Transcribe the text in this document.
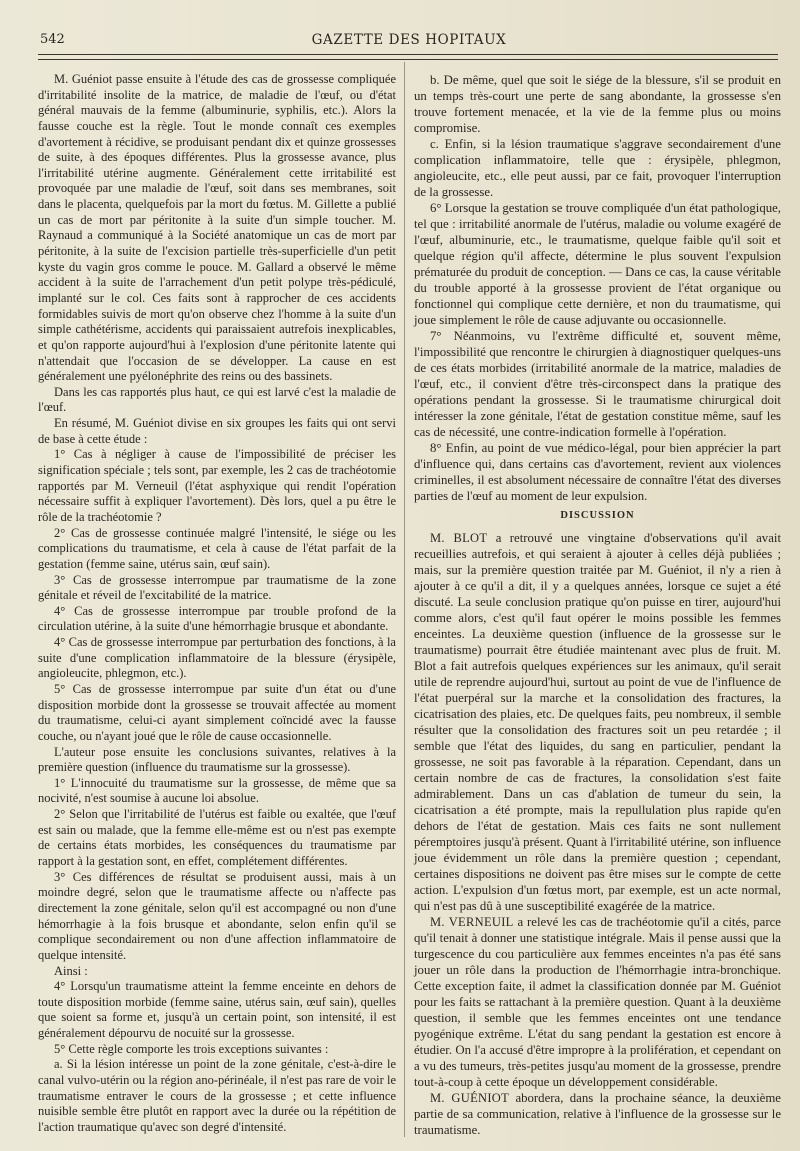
542	GAZETTE DES HOPITAUX

M. Guéniot passe ensuite à l'étude des cas de grossesse compliquée d'irritabilité insolite de la matrice, de maladie de l'œuf, ou d'état général mauvais de la femme (albuminurie, syphilis, etc.). Alors la fausse couche est la règle. Tout le monde connaît ces exemples d'avortement à récidive, se produisant pendant dix et quinze grossesses de suite, à des époques différentes. Plus la grossesse avance, plus l'irritabilité utérine augmente. Généralement cette irritabilité est provoquée par une maladie de l'œuf, soit dans ses membranes, soit dans le placenta, quelquefois par la mort du fœtus. M. Gillette a publié un cas de mort par péritonite à la suite d'un simple toucher. M. Raynaud a communiqué à la Société anatomique un cas de mort par péritonite, à la suite de l'excision partielle très-superficielle d'un petit kyste du vagin gros comme le pouce. M. Gallard a observé le même accident à la suite de l'arrachement d'un petit polype très-pédiculé, implanté sur le col. Ces faits sont à rapprocher de ces accidents formidables suivis de mort qu'on observe chez l'homme à la suite d'un simple cathétérisme, accidents qui paraissaient autrefois inexplicables, et qu'on rapporte aujourd'hui à l'explosion d'une péritonite latente qui n'attendait que l'occasion de se développer. La cause en est généralement une pyélonéphrite des reins ou des bassinets.

Dans les cas rapportés plus haut, ce qui est larvé c'est la maladie de l'œuf.

En résumé, M. Guéniot divise en six groupes les faits qui ont servi de base à cette étude :

1° Cas à négliger à cause de l'impossibilité de préciser les signification spéciale ; tels sont, par exemple, les 2 cas de trachéotomie rapportés par M. Verneuil (l'état asphyxique qui rendit l'opération nécessaire suffit à expliquer l'avortement). Dès lors, quel a pu être le rôle de la trachéotomie ?

2° Cas de grossesse continuée malgré l'intensité, le siége ou les complications du traumatisme, et cela à cause de l'état parfait de la gestation (femme saine, utérus sain, œuf sain).

3° Cas de grossesse interrompue par traumatisme de la zone génitale et réveil de l'excitabilité de la matrice.

4° Cas de grossesse interrompue par trouble profond de la circulation utérine, à la suite d'une hémorrhagie brusque et abondante.

4° Cas de grossesse interrompue par perturbation des fonctions, à la suite d'une complication inflammatoire de la blessure (érysipèle, angioleucite, phlegmon, etc.).

5° Cas de grossesse interrompue par suite d'un état ou d'une disposition morbide dont la grossesse se trouvait affectée au moment du traumatisme, celui-ci ayant simplement coïncidé avec la fausse couche, ou n'ayant joué que le rôle de cause occasionnelle.

L'auteur pose ensuite les conclusions suivantes, relatives à la première question (influence du traumatisme sur la grossesse).

1° L'innocuité du traumatisme sur la grossesse, de même que sa nocivité, n'est soumise à aucune loi absolue.

2° Selon que l'irritabilité de l'utérus est faible ou exaltée, que l'œuf est sain ou malade, que la femme elle-même est ou n'est pas exempte de certains états morbides, les conséquences du traumatisme par rapport à la gestation sont, en effet, complétement différentes.

3° Ces différences de résultat se produisent aussi, mais à un moindre degré, selon que le traumatisme affecte ou n'affecte pas directement la zone génitale, selon qu'il est accompagné ou non d'une hémorrhagie à la fois brusque et abondante, selon enfin qu'il se complique secondairement ou non d'une affection inflammatoire de quelque intensité.

Ainsi :

4° Lorsqu'un traumatisme atteint la femme enceinte en dehors de toute disposition morbide (femme saine, utérus sain, œuf sain), quelles que soient sa forme et, jusqu'à un certain point, son intensité, il est généralement dépourvu de nocuité sur la grossesse.

5° Cette règle comporte les trois exceptions suivantes :

a. Si la lésion intéresse un point de la zone génitale, c'est-à-dire le canal vulvo-utérin ou la région ano-périnéale, il n'est pas rare de voir le traumatisme entraver le cours de la grossesse ; et cette influence nuisible semble être plutôt en rapport avec la durée ou la répétition de l'action traumatique qu'avec son degré d'intensité.

b. De même, quel que soit le siége de la blessure, s'il se produit en un temps très-court une perte de sang abondante, la grossesse s'en trouve fortement menacée, et la vie de la femme plus ou moins compromise.

c. Enfin, si la lésion traumatique s'aggrave secondairement d'une complication inflammatoire, telle que : érysipèle, phlegmon, angioleucite, etc., elle peut aussi, par ce fait, provoquer l'interruption de la grossesse.

6° Lorsque la gestation se trouve compliquée d'un état pathologique, tel que : irritabilité anormale de l'utérus, maladie ou volume exagéré de l'œuf, albuminurie, etc., le traumatisme, quelque faible qu'il soit et quelque région qu'il affecte, détermine le plus souvent l'expulsion prématurée du produit de conception. — Dans ce cas, la cause véritable du trouble apporté à la grossesse provient de l'état organique ou fonctionnel qui complique cette dernière, et non du traumatisme, qui joue simplement le rôle de cause adjuvante ou occasionnelle.

7° Néanmoins, vu l'extrême difficulté et, souvent même, l'impossibilité que rencontre le chirurgien à diagnostiquer quelques-uns de ces états morbides (irritabilité anormale de la matrice, maladies de l'œuf, etc., il convient d'être très-circonspect dans la pratique des opérations pendant la grossesse. Si le traumatisme chirurgical doit intéresser la zone génitale, l'état de gestation constitue même, sauf les cas de nécessité, une contre-indication formelle à l'opération.

8° Enfin, au point de vue médico-légal, pour bien apprécier la part d'influence qui, dans certains cas d'avortement, revient aux violences criminelles, il est absolument nécessaire de connaître l'état des diverses parties de l'œuf au moment de leur expulsion.

DISCUSSION

M. BLOT a retrouvé une vingtaine d'observations qu'il avait recueillies autrefois, et qui seraient à ajouter à celles déjà publiées ; mais, sur la première question traitée par M. Guéniot, il n'y a rien à ajouter à ce qu'il a dit, il y a quelques années, lorsque ce sujet a été discuté. La seule conclusion pratique qu'on puisse en tirer, aujourd'hui comme alors, c'est qu'il faut opérer le moins possible les femmes enceintes. La deuxième question (influence de la grossesse sur le traumatisme) pourrait être étudiée maintenant avec plus de fruit. M. Blot a fait autrefois quelques expériences sur les animaux, qu'il serait utile de reprendre aujourd'hui, surtout au point de vue de l'influence de l'état puerpéral sur la marche et la consolidation des fractures, la cicatrisation des plaies, etc. De quelques faits, peu nombreux, il semble résulter que la consolidation des fractures soit un peu retardée ; il semble que l'état des liquides, du sang en particulier, pendant la grossesse, ne soit pas favorable à la réparation. Cependant, dans un certain nombre de cas de fractures, la consolidation s'est faite admirablement. Dans un cas d'ablation de tumeur du sein, la cicatrisation a été prompte, mais la repullulation plus rapide qu'en dehors de l'état de gestation. Mais ces faits ne sont nullement péremptoires jusqu'à présent. Quant à l'irritabilité utérine, son influence joue évidemment un rôle dans la première question ; cependant, certaines dispositions ne doivent pas être mises sur le compte de cette action. L'expulsion d'un fœtus mort, par exemple, est un acte normal, qui n'est pas dû à une susceptibilité exagérée de la matrice.

M. VERNEUIL a relevé les cas de trachéotomie qu'il a cités, parce qu'il tenait à donner une statistique intégrale. Mais il pense aussi que la turgescence du cou particulière aux femmes enceintes n'a pas été sans jouer un rôle dans la production de l'hémorrhagie intra-bronchique. Cette exception faite, il admet la classification donnée par M. Guéniot pour les faits se rattachant à la première question. Quant à la deuxième question, il semble que les femmes enceintes ont une tendance pyogénique extrême. L'état du sang pendant la gestation est encore à étudier. On l'a accusé d'être impropre à la prolifération, et cependant on a vu des tumeurs, très-petites jusqu'au moment de la grossesse, prendre tout-à-coup à cette époque un développement considérable.

M. GUÉNIOT abordera, dans la prochaine séance, la deuxième partie de sa communication, relative à l'influence de la grossesse sur le traumatisme.
